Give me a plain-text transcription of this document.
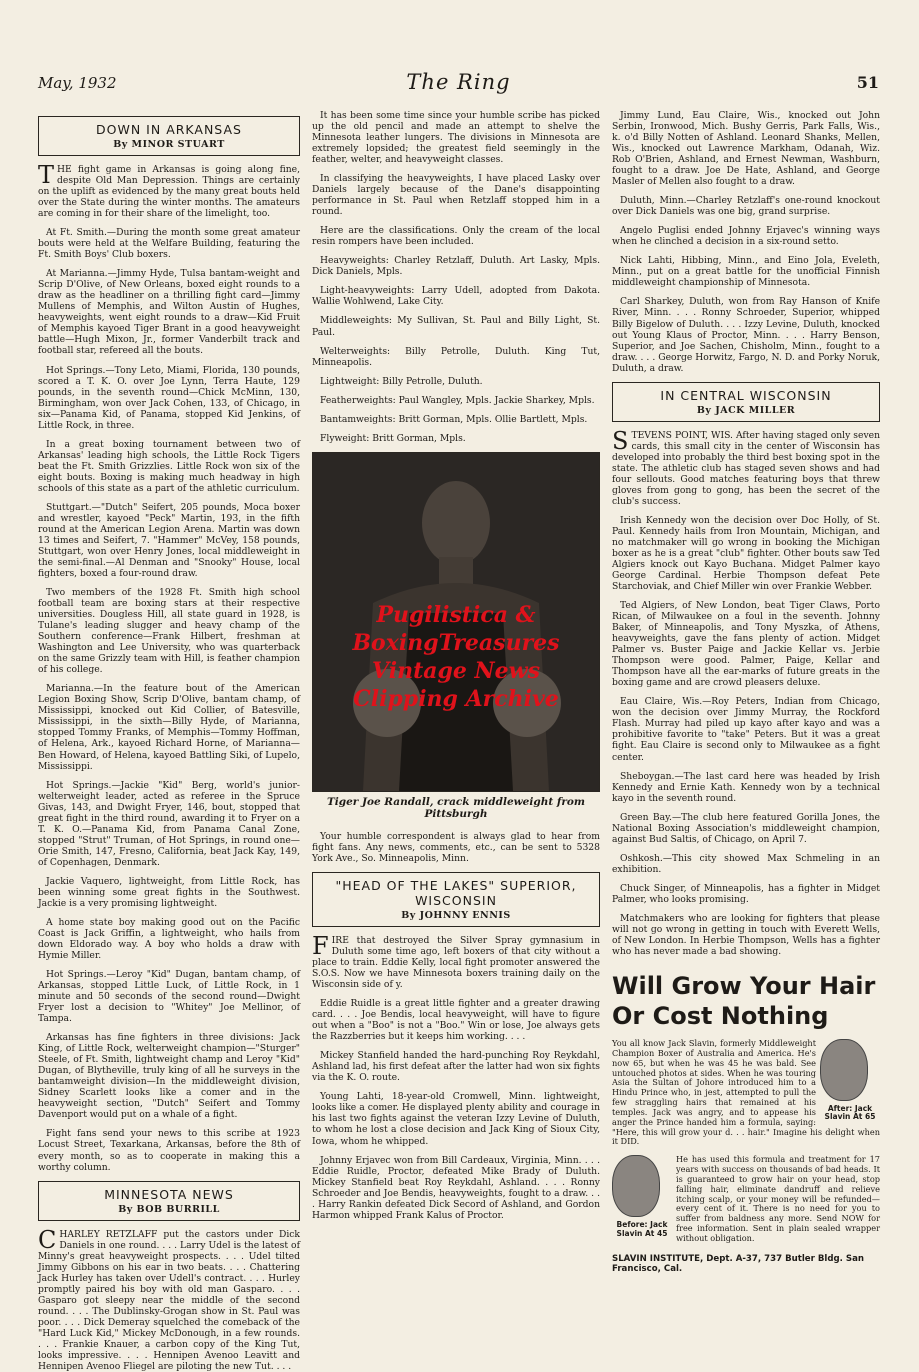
May, 1932	The Ring	51
DOWN IN ARKANSAS
By MINOR STUART

THE fight game in Arkansas is going along fine, despite Old Man Depression. Things are certainly on the uplift as evidenced by the many great bouts held over the State during the winter months. The amateurs are coming in for their share of the limelight, too.

At Ft. Smith.—During the month some great amateur bouts were held at the Welfare Building, featuring the Ft. Smith Boys' Club boxers.

At Marianna.—Jimmy Hyde, Tulsa bantam-weight and Scrip D'Olive, of New Orleans, boxed eight rounds to a draw as the headliner on a thrilling fight card—Jimmy Mullens of Memphis, and Wilton Austin of Hughes, heavyweights, went eight rounds to a draw—Kid Fruit of Memphis kayoed Tiger Brant in a good heavyweight battle—Hugh Mixon, Jr., former Vanderbilt track and football star, refereed all the bouts.

Hot Springs.—Tony Leto, Miami, Florida, 130 pounds, scored a T. K. O. over Joe Lynn, Terra Haute, 129 pounds, in the seventh round—Chick McMinn, 130, Birmingham, won over Jack Cohen, 133, of Chicago, in six—Panama Kid, of Panama, stopped Kid Jenkins, of Little Rock, in three.

In a great boxing tournament between two of Arkansas' leading high schools, the Little Rock Tigers beat the Ft. Smith Grizzlies. Little Rock won six of the eight bouts. Boxing is making much headway in high schools of this state as a part of the athletic curriculum.

Stuttgart.—"Dutch" Seifert, 205 pounds, Moca boxer and wrestler, kayoed "Peck" Martin, 193, in the fifth round at the American Legion Arena. Martin was down 13 times and Seifert, 7. "Hammer" McVey, 158 pounds, Stuttgart, won over Henry Jones, local middleweight in the semi-final.—Al Denman and "Snooky" House, local fighters, boxed a four-round draw.

Two members of the 1928 Ft. Smith high school football team are boxing stars at their respective universities. Dougless Hill, all state guard in 1928, is Tulane's leading slugger and heavy champ of the Southern conference—Frank Hilbert, freshman at Washington and Lee University, who was quarterback on the same Grizzly team with Hill, is feather champion of his college.

Marianna.—In the feature bout of the American Legion Boxing Show, Scrip D'Olive, bantam champ, of Mississippi, knocked out Kid Collier, of Batesville, Mississippi, in the sixth—Billy Hyde, of Marianna, stopped Tommy Franks, of Memphis—Tommy Hoffman, of Helena, Ark., kayoed Richard Horne, of Marianna—Ben Howard, of Helena, kayoed Battling Siki, of Lupelo, Mississippi.

Hot Springs.—Jackie "Kid" Berg, world's junior-welterweight leader, acted as referee in the Spruce Givas, 143, and Dwight Fryer, 146, bout, stopped that great fight in the third round, awarding it to Fryer on a T. K. O.—Panama Kid, from Panama Canal Zone, stopped "Strut" Truman, of Hot Springs, in round one—Orie Smith, 147, Fresno, California, beat Jack Kay, 149, of Copenhagen, Denmark.

Jackie Vaquero, lightweight, from Little Rock, has been winning some great fights in the Southwest. Jackie is a very promising lightweight.

A home state boy making good out on the Pacific Coast is Jack Griffin, a lightweight, who hails from down Eldorado way. A boy who holds a draw with Hymie Miller.

Hot Springs.—Leroy "Kid" Dugan, bantam champ, of Arkansas, stopped Little Luck, of Little Rock, in 1 minute and 50 seconds of the second round—Dwight Fryer lost a decision to "Whitey" Joe Mellinor, of Tampa.

Arkansas has fine fighters in three divisions: Jack King, of Little Rock, welterweight champion—"Sturger" Steele, of Ft. Smith, lightweight champ and Leroy "Kid" Dugan, of Blytheville, truly king of all he surveys in the bantamweight division—In the middleweight division, Sidney Scarlett looks like a comer and in the heavyweight section, "Dutch" Seifert and Tommy Davenport would put on a whale of a fight.

Fight fans send your news to this scribe at 1923 Locust Street, Texarkana, Arkansas, before the 8th of every month, so as to cooperate in making this a worthy column.

MINNESOTA NEWS
By BOB BURRILL

CHARLEY RETZLAFF put the castors under Dick Daniels in one round. . . . Larry Udel is the latest of Minny's great heavyweight prospects. . . . Udel tilted Jimmy Gibbons on his ear in two beats. . . . Chattering Jack Hurley has taken over Udell's contract. . . . Hurley promptly paired his boy with old man Gasparo. . . . Gasparo got sleepy near the middle of the second round. . . . The Dublinsky-Grogan show in St. Paul was poor. . . . Dick Demeray squelched the comeback of the "Hard Luck Kid," Mickey McDonough, in a few rounds. . . . Frankie Knauer, a carbon copy of the King Tut, looks impressive. . . . Hennipen Avenoo Leavitt and Hennipen Avenoo Fliegel are piloting the new Tut. . . .

It has been some time since your humble scribe has picked up the old pencil and made an attempt to shelve the Minnesota leather lungers. The divisions in Minnesota are extremely lopsided; the greatest field seemingly in the feather, welter, and heavyweight classes.

In classifying the heavyweights, I have placed Lasky over Daniels largely because of the Dane's disappointing performance in St. Paul when Retzlaff stopped him in a round.

Here are the classifications. Only the cream of the local resin rompers have been included.

Heavyweights: Charley Retzlaff, Duluth. Art Lasky, Mpls. Dick Daniels, Mpls.

Light-heavyweights: Larry Udell, adopted from Dakota. Wallie Wohlwend, Lake City.

Middleweights: My Sullivan, St. Paul and Billy Light, St. Paul.

Welterweights: Billy Petrolle, Duluth. King Tut, Minneapolis.

Lightweight: Billy Petrolle, Duluth.

Featherweights: Paul Wangley, Mpls. Jackie Sharkey, Mpls.

Bantamweights: Britt Gorman, Mpls. Ollie Bartlett, Mpls.

Flyweight: Britt Gorman, Mpls.

Pugilistica &
BoxingTreasures
Vintage News
Clipping Archive
Tiger Joe Randall, crack middleweight from Pittsburgh

Your humble correspondent is always glad to hear from fight fans. Any news, comments, etc., can be sent to 5328 York Ave., So. Minneapolis, Minn.

"HEAD OF THE LAKES" SUPERIOR, WISCONSIN
By JOHNNY ENNIS

FIRE that destroyed the Silver Spray gymnasium in Duluth some time ago, left boxers of that city without a place to train. Eddie Kelly, local fight promoter answered the S.O.S. Now we have Minnesota boxers training daily on the Wisconsin side of y.

Eddie Ruidle is a great little fighter and a greater drawing card. . . . Joe Bendis, local heavyweight, will have to figure out when a "Boo" is not a "Boo." Win or lose, Joe always gets the Razzberries but it keeps him working. . . .

Mickey Stanfield handed the hard-punching Roy Reykdahl, Ashland lad, his first defeat after the latter had won six fights via the K. O. route.

Young Lahti, 18-year-old Cromwell, Minn. lightweight, looks like a comer. He displayed plenty ability and courage in his last two fights against the veteran Izzy Levine of Duluth, to whom he lost a close decision and Jack King of Sioux City, Iowa, whom he whipped.

Johnny Erjavec won from Bill Cardeaux, Virginia, Minn. . . . Eddie Ruidle, Proctor, defeated Mike Brady of Duluth. Mickey Stanfield beat Roy Reykdahl, Ashland. . . . Ronny Schroeder and Joe Bendis, heavyweights, fought to a draw. . . . Harry Rankin defeated Dick Secord of Ashland, and Gordon Harmon whipped Frank Kalus of Proctor.

Jimmy Lund, Eau Claire, Wis., knocked out John Serbin, Ironwood, Mich. Bushy Gerris, Park Falls, Wis., k. o'd Billy Notten of Ashland. Leonard Shanks, Mellen, Wis., knocked out Lawrence Markham, Odanah, Wiz. Rob O'Brien, Ashland, and Ernest Newman, Washburn, fought to a draw. Joe De Hate, Ashland, and George Masler of Mellen also fought to a draw.

Duluth, Minn.—Charley Retzlaff's one-round knockout over Dick Daniels was one big, grand surprise.

Angelo Puglisi ended Johnny Erjavec's winning ways when he clinched a decision in a six-round setto.

Nick Lahti, Hibbing, Minn., and Eino Jola, Eveleth, Minn., put on a great battle for the unofficial Finnish middleweight championship of Minnesota.

Carl Sharkey, Duluth, won from Ray Hanson of Knife River, Minn. . . . Ronny Schroeder, Superior, whipped Billy Bigelow of Duluth. . . . Izzy Levine, Duluth, knocked out Young Klaus of Proctor, Minn. . . . Harry Benson, Superior, and Joe Sachen, Chisholm, Minn., fought to a draw. . . . George Horwitz, Fargo, N. D. and Porky Noruk, Duluth, a draw.

IN CENTRAL WISCONSIN
By JACK MILLER

STEVENS POINT, WIS. After having staged only seven cards, this small city in the center of Wisconsin has developed into probably the third best boxing spot in the state. The athletic club has staged seven shows and had four sellouts. Good matches featuring boys that threw gloves from gong to gong, has been the secret of the club's success.

Irish Kennedy won the decision over Doc Holly, of St. Paul. Kennedy hails from Iron Mountain, Michigan, and no matchmaker will go wrong in booking the Michigan boxer as he is a great "club" fighter. Other bouts saw Ted Algiers knock out Kayo Buchana. Midget Palmer kayo George Cardinal. Herbie Thompson defeat Pete Starchoviak, and Chief Miller win over Frankie Webber.

Ted Algiers, of New London, beat Tiger Claws, Porto Rican, of Milwaukee on a foul in the seventh. Johnny Baker, of Minneapolis, and Tony Myszka, of Athens, heavyweights, gave the fans plenty of action. Midget Palmer vs. Buster Paige and Jackie Kellar vs. Jerbie Thompson were good. Palmer, Paige, Kellar and Thompson have all the ear-marks of future greats in the boxing game and are crowd pleasers deluxe.

Eau Claire, Wis.—Roy Peters, Indian from Chicago, won the decision over Jimmy Murray, the Rockford Flash. Murray had piled up kayo after kayo and was a prohibitive favorite to "take" Peters. But it was a great fight. Eau Claire is second only to Milwaukee as a fight center.

Sheboygan.—The last card here was headed by Irish Kennedy and Ernie Kath. Kennedy won by a technical kayo in the seventh round.

Green Bay.—The club here featured Gorilla Jones, the National Boxing Association's middleweight champion, against Bud Saltis, of Chicago, on April 7.

Oshkosh.—This city showed Max Schmeling in an exhibition.

Chuck Singer, of Minneapolis, has a fighter in Midget Palmer, who looks promising.

Matchmakers who are looking for fighters that please will not go wrong in getting in touch with Everett Wells, of New London. In Herbie Thompson, Wells has a fighter who has never made a bad showing.

Will Grow Your Hair
Or Cost Nothing
After: Jack Slavin At 65

You all know Jack Slavin, formerly Middleweight Champion Boxer of Australia and America. He's now 65, but when he was 45 he was bald. See untouched photos at sides. When he was touring Asia the Sultan of Johore introduced him to a Hindu Prince who, in jest, attempted to pull the few straggling hairs that remained at his temples. Jack was angry, and to appease his anger the Prince handed him a formula, saying: "Here, this will grow your d. . . hair." Imagine his delight when it DID.

Before: Jack Slavin At 45

He has used this formula and treatment for 17 years with success on thousands of bad heads. It is guaranteed to grow hair on your head, stop falling hair, eliminate dandruff and relieve itching scalp, or your money will be refunded—every cent of it. There is no need for you to suffer from baldness any more. Send NOW for free information. Sent in plain sealed wrapper without obligation.

SLAVIN INSTITUTE, Dept. A-37, 737 Butler Bldg. San Francisco, Cal.
